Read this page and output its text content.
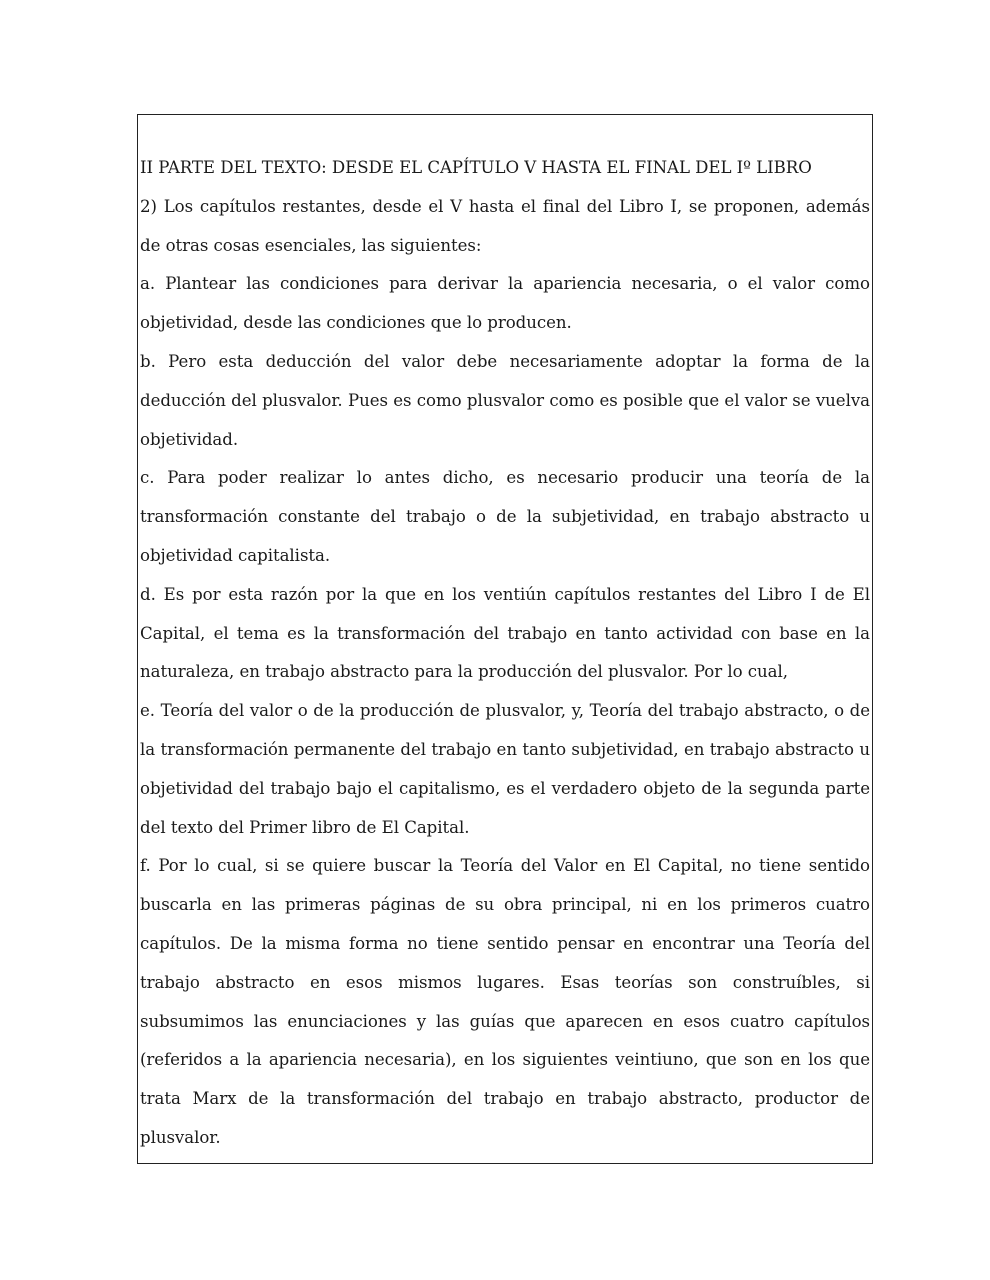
II PARTE DEL TEXTO: DESDE EL CAPÍTULO V HASTA EL FINAL DEL Iº LIBRO

2) Los capítulos restantes, desde el V hasta el final del Libro I, se proponen, además de otras cosas esenciales, las siguientes:

a. Plantear las condiciones para derivar la apariencia necesaria, o el valor como objetividad, desde las condiciones que lo producen.

b. Pero esta deducción del valor debe necesariamente adoptar la forma de la deducción del plusvalor. Pues es como plusvalor como es posible que el valor se vuelva objetividad.

c. Para poder realizar lo antes dicho, es necesario producir una teoría de la transformación constante del trabajo o de la subjetividad, en trabajo abstracto u objetividad capitalista.

d. Es por esta razón por la que en los ventiún capítulos restantes del Libro I de El Capital, el tema es la transformación del trabajo en tanto actividad con base en la naturaleza, en trabajo abstracto para la producción del plusvalor. Por lo cual,

e. Teoría del valor o de la producción de plusvalor, y, Teoría del trabajo abstracto, o de la transformación permanente del trabajo en tanto subjetividad, en trabajo abstracto u objetividad del trabajo bajo el capitalismo, es el verdadero objeto de la segunda parte del texto del Primer libro de El Capital.

f. Por lo cual, si se quiere buscar la Teoría del Valor en El Capital, no tiene sentido buscarla en las primeras páginas de su obra principal, ni en los primeros cuatro capítulos. De la misma forma no tiene sentido pensar en encontrar una Teoría del trabajo abstracto en esos mismos lugares. Esas teorías son construíbles, si subsumimos las enunciaciones y las guías que aparecen en esos cuatro capítulos (referidos a la apariencia necesaria), en los siguientes veintiuno, que son en los que trata Marx de la transformación del trabajo en trabajo abstracto, productor de plusvalor.
